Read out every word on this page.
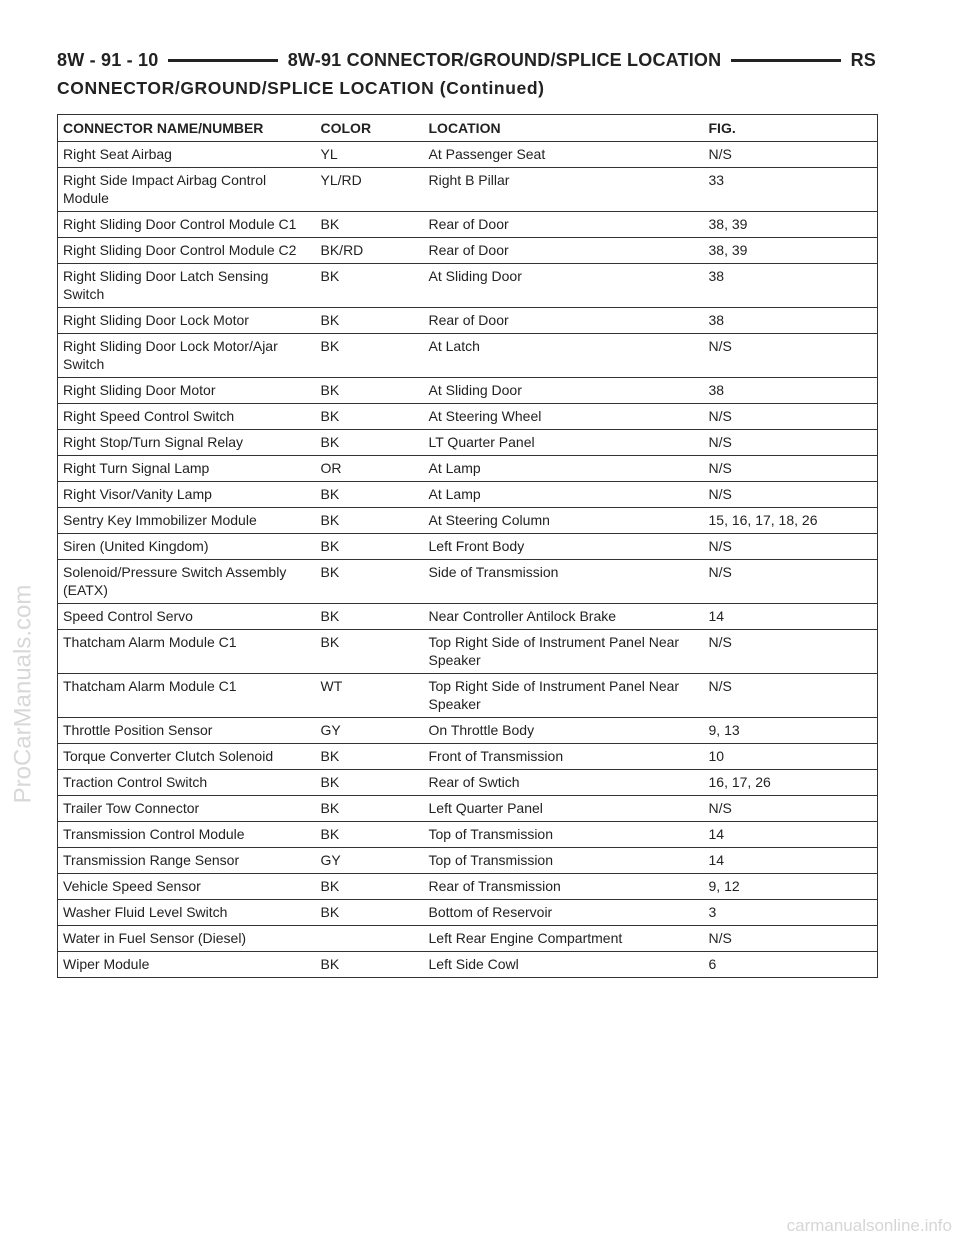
8W - 91 - 10	8W-91 CONNECTOR/GROUND/SPLICE LOCATION	RS
CONNECTOR/GROUND/SPLICE LOCATION (Continued)
CONNECTOR NAME/NUMBER	COLOR	LOCATION	FIG.
Right Seat Airbag	YL	At Passenger Seat	N/S
Right Side Impact Airbag Control Module	YL/RD	Right B Pillar	33
Right Sliding Door Control Module C1	BK	Rear of Door	38, 39
Right Sliding Door Control Module C2	BK/RD	Rear of Door	38, 39
Right Sliding Door Latch Sensing Switch	BK	At Sliding Door	38
Right Sliding Door Lock Motor	BK	Rear of Door	38
Right Sliding Door Lock Motor/Ajar Switch	BK	At Latch	N/S
Right Sliding Door Motor	BK	At Sliding Door	38
Right Speed Control Switch	BK	At Steering Wheel	N/S
Right Stop/Turn Signal Relay	BK	LT Quarter Panel	N/S
Right Turn Signal Lamp	OR	At Lamp	N/S
Right Visor/Vanity Lamp	BK	At Lamp	N/S
Sentry Key Immobilizer Module	BK	At Steering Column	15, 16, 17, 18, 26
Siren (United Kingdom)	BK	Left Front Body	N/S
Solenoid/Pressure Switch Assembly (EATX)	BK	Side of Transmission	N/S
Speed Control Servo	BK	Near Controller Antilock Brake	14
Thatcham Alarm Module C1	BK	Top Right Side of Instrument Panel Near Speaker	N/S
Thatcham Alarm Module C1	WT	Top Right Side of Instrument Panel Near Speaker	N/S
Throttle Position Sensor	GY	On Throttle Body	9, 13
Torque Converter Clutch Solenoid	BK	Front of Transmission	10
Traction Control Switch	BK	Rear of Swtich	16, 17, 26
Trailer Tow Connector	BK	Left Quarter Panel	N/S
Transmission Control Module	BK	Top of Transmission	14
Transmission Range Sensor	GY	Top of Transmission	14
Vehicle Speed Sensor	BK	Rear of Transmission	9, 12
Washer Fluid Level Switch	BK	Bottom of Reservoir	3
Water in Fuel Sensor (Diesel)		Left Rear Engine Compartment	N/S
Wiper Module	BK	Left Side Cowl	6
ProCarManuals.com
carmanualsonline.info
